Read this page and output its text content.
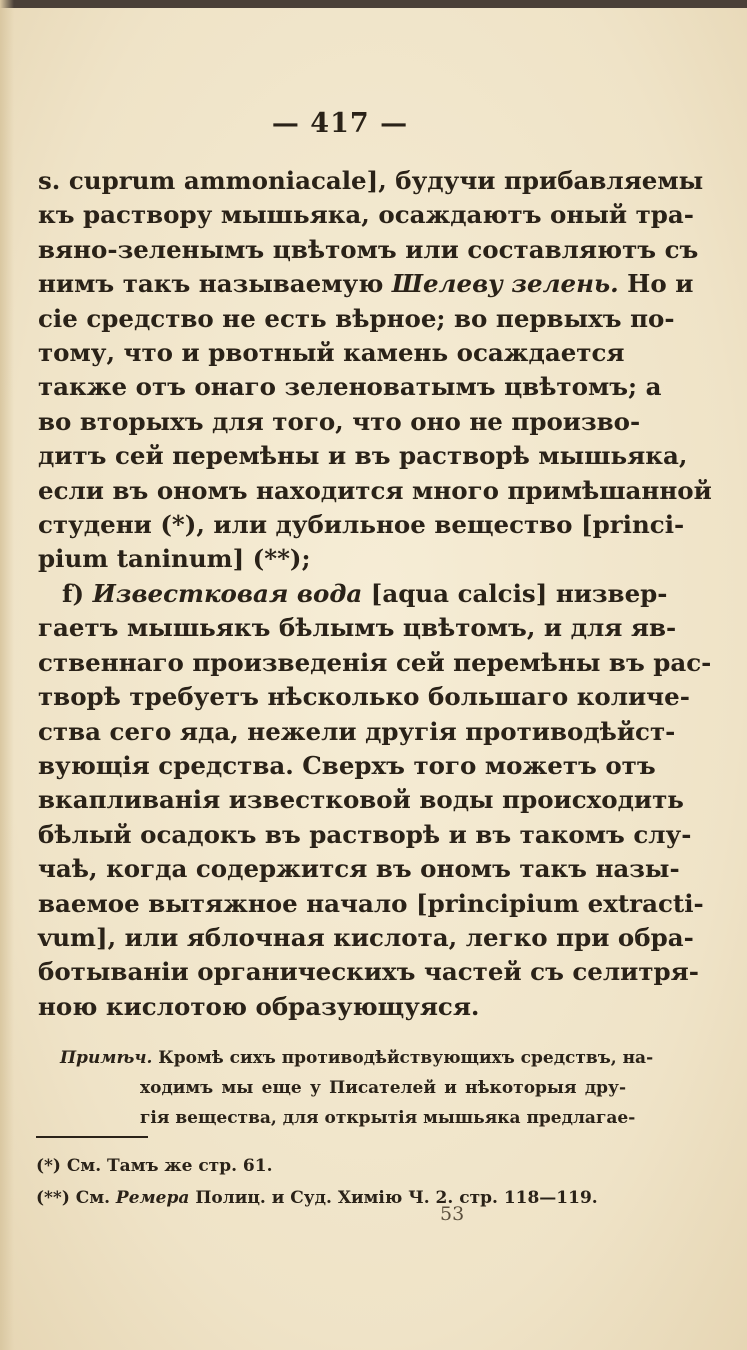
— 417 —
s. cuprum ammoniacale], будучи прибавляемы
къ раствору мышьяка, осаждаютъ оный тра-
вяно-зеленымъ цвѣтомъ или составляютъ съ
нимъ такъ называемую Шелеву зелень. Но и
сіе средство не есть вѣрное; во первыхъ по-
тому, что и рвотный камень осаждается
также отъ онаго зеленоватымъ цвѣтомъ; а
во вторыхъ для того, что оно не произво-
дитъ сей перемѣны и въ растворѣ мышьяка,
если въ ономъ находится много примѣшанной
студени (*), или дубильное вещество [princi-
pium taninum] (**);
f) Известковая вода [aqua calcis] низвер-
гаетъ мышьякъ бѣлымъ цвѣтомъ, и для яв-
ственнаго произведенія сей перемѣны въ рас-
творѣ требуетъ нѣсколько большаго количе-
ства сего яда, нежели другія противодѣйст-
вующія средства. Сверхъ того можетъ отъ
вкапливанія известковой воды происходить
бѣлый осадокъ въ растворѣ и въ такомъ слу-
чаѣ, когда содержится въ ономъ такъ назы-
ваемое вытяжное начало [principium extracti-
vum], или яблочная кислота, легко при обра-
ботываніи органическихъ частей съ селитря-
ною кислотою образующуяся.
Примѣч. Кромѣ сихъ противодѣйствующихъ средствъ, на-
ходимъ мы еще у Писателей и нѣкоторыя дру-
гія вещества, для открытія мышьяка предлагае-
(*) См. Тамъ же стр. 61.
(**) См. Ремера Полиц. и Суд. Химію Ч. 2. стр. 118—119.
53
